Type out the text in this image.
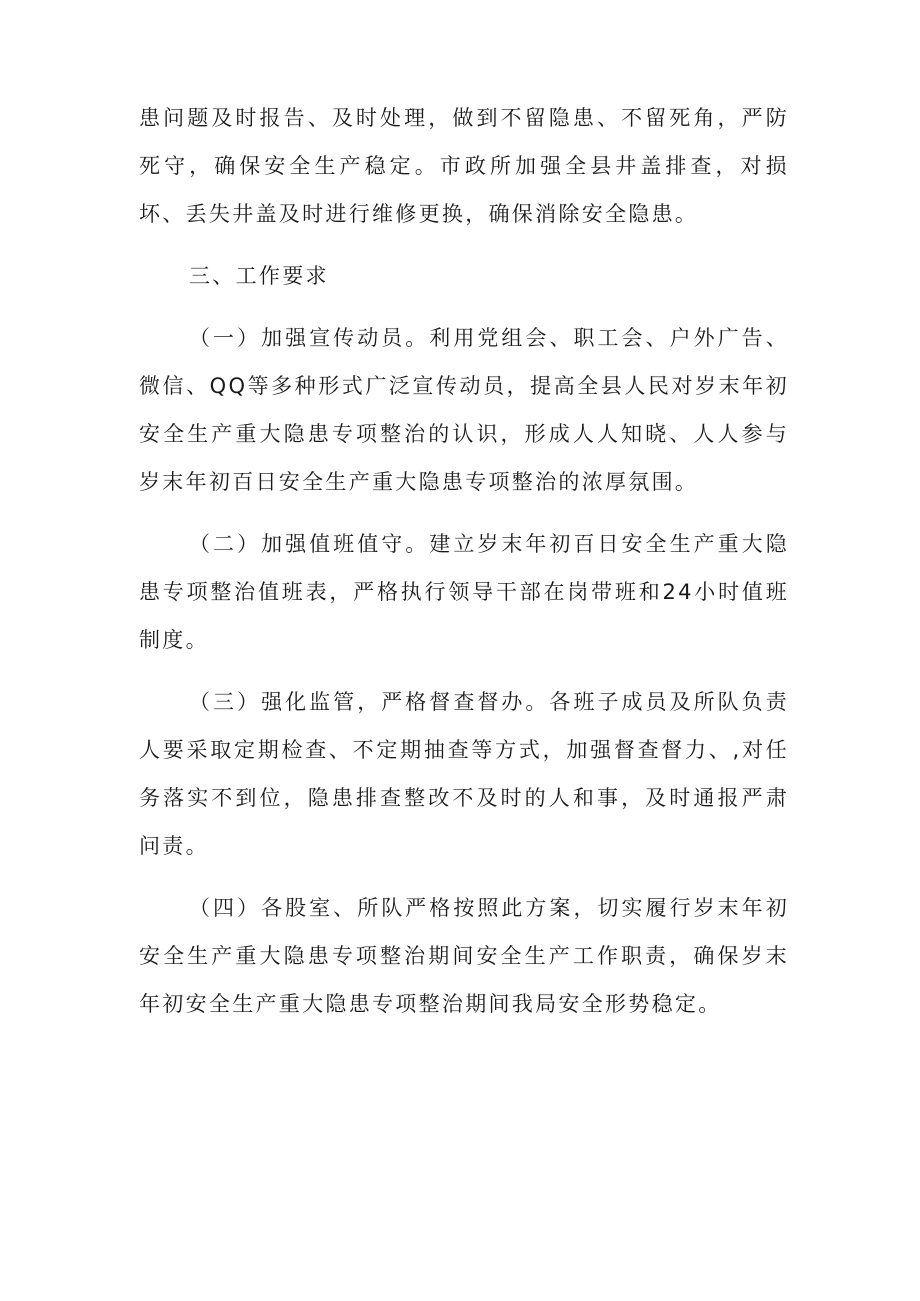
患问题及时报告、及时处理，做到不留隐患、不留死角，严防死守，确保安全生产稳定。市政所加强全县井盖排查，对损坏、丢失井盖及时进行维修更换，确保消除安全隐患。

三、工作要求

（一）加强宣传动员。利用党组会、职工会、户外广告、微信、QQ等多种形式广泛宣传动员，提高全县人民对岁末年初安全生产重大隐患专项整治的认识，形成人人知晓、人人参与岁末年初百日安全生产重大隐患专项整治的浓厚氛围。

（二）加强值班值守。建立岁末年初百日安全生产重大隐患专项整治值班表，严格执行领导干部在岗带班和24小时值班制度。

（三）强化监管，严格督查督办。各班子成员及所队负责人要采取定期检查、不定期抽查等方式，加强督查督力、,对任务落实不到位，隐患排查整改不及时的人和事，及时通报严肃问责。

（四）各股室、所队严格按照此方案，切实履行岁末年初安全生产重大隐患专项整治期间安全生产工作职责，确保岁末年初安全生产重大隐患专项整治期间我局安全形势稳定。
